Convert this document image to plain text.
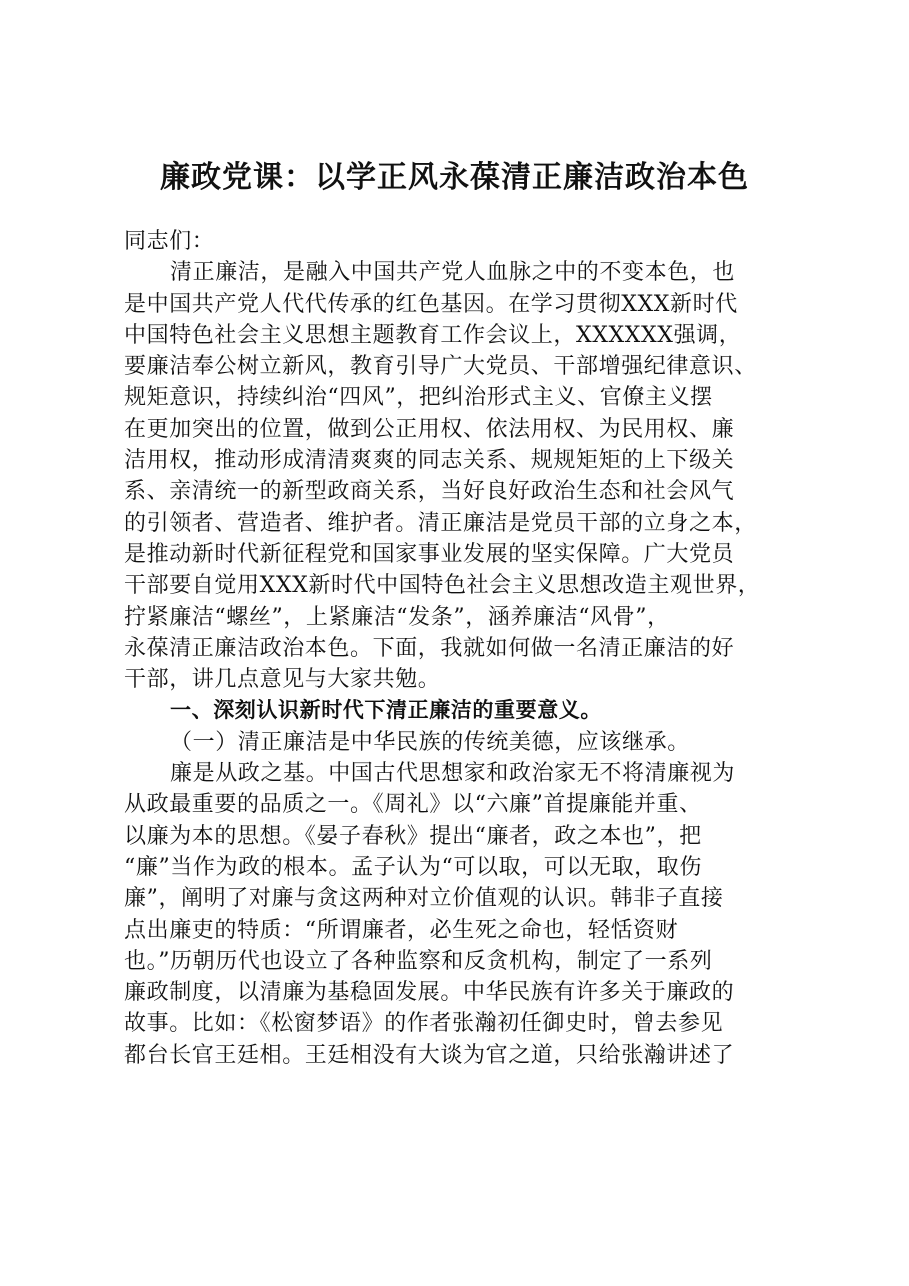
廉政党课：以学正风永葆清正廉洁政治本色
同志们：
清正廉洁，是融入中国共产党人血脉之中的不变本色，也
是中国共产党人代代传承的红色基因。在学习贯彻XXX新时代
中国特色社会主义思想主题教育工作会议上，XXXXXX强调，
要廉洁奉公树立新风，教育引导广大党员、干部增强纪律意识、
规矩意识，持续纠治“四风”，把纠治形式主义、官僚主义摆
在更加突出的位置，做到公正用权、依法用权、为民用权、廉
洁用权，推动形成清清爽爽的同志关系、规规矩矩的上下级关
系、亲清统一的新型政商关系，当好良好政治生态和社会风气
的引领者、营造者、维护者。清正廉洁是党员干部的立身之本，
是推动新时代新征程党和国家事业发展的坚实保障。广大党员
干部要自觉用XXX新时代中国特色社会主义思想改造主观世界，
拧紧廉洁“螺丝”，上紧廉洁“发条”，涵养廉洁“风骨”，
永葆清正廉洁政治本色。下面，我就如何做一名清正廉洁的好
干部，讲几点意见与大家共勉。
一、深刻认识新时代下清正廉洁的重要意义。
（一）清正廉洁是中华民族的传统美德，应该继承。
廉是从政之基。中国古代思想家和政治家无不将清廉视为
从政最重要的品质之一。《周礼》以“六廉”首提廉能并重、
以廉为本的思想。《晏子春秋》提出“廉者，政之本也”，把
“廉”当作为政的根本。孟子认为“可以取，可以无取，取伤
廉”，阐明了对廉与贪这两种对立价值观的认识。韩非子直接
点出廉吏的特质：“所谓廉者，必生死之命也，轻恬资财
也。”历朝历代也设立了各种监察和反贪机构，制定了一系列
廉政制度，以清廉为基稳固发展。中华民族有许多关于廉政的
故事。比如：《松窗梦语》的作者张瀚初任御史时，曾去参见
都台长官王廷相。王廷相没有大谈为官之道，只给张瀚讲述了
